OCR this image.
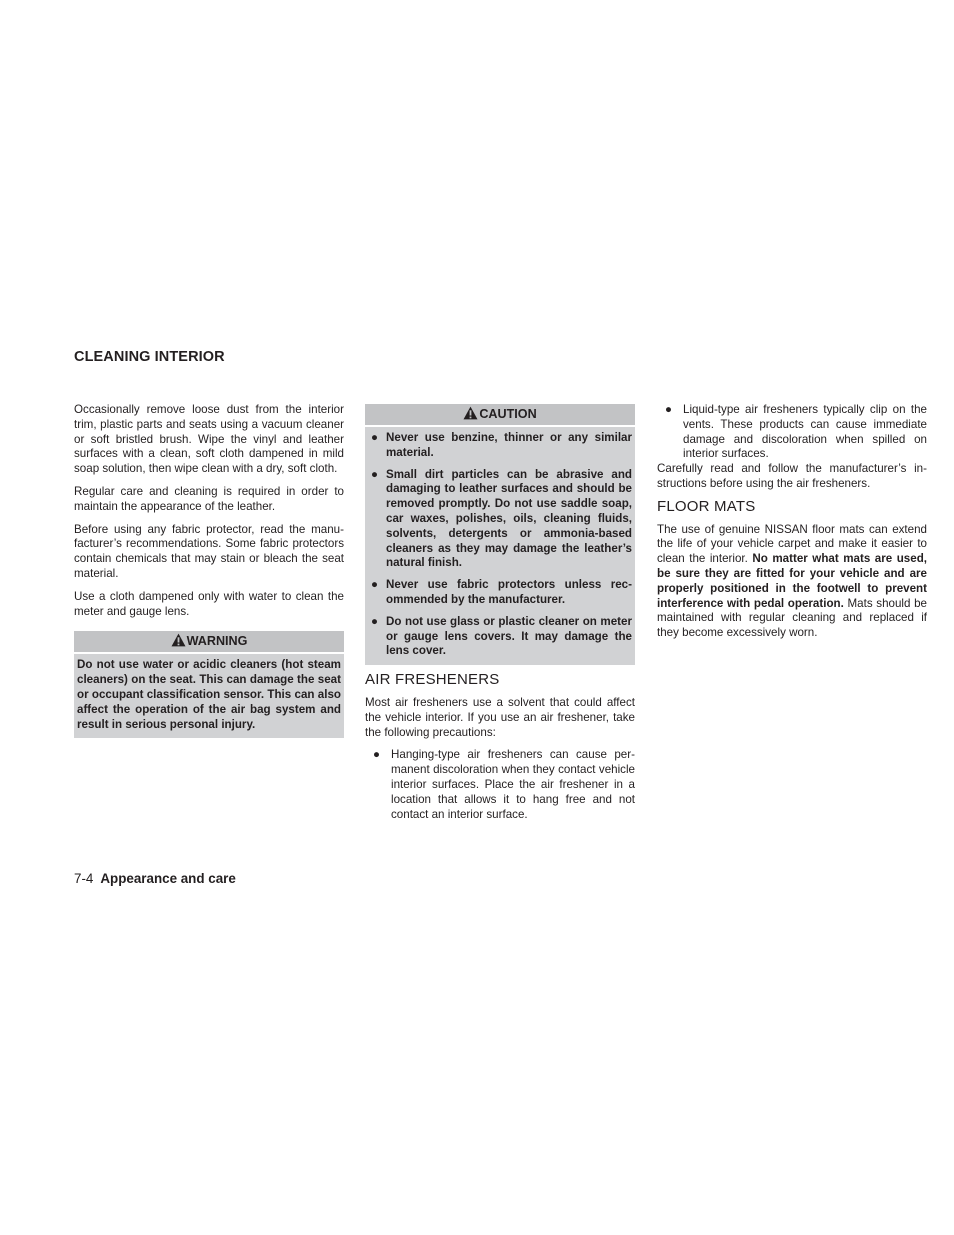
CLEANING INTERIOR

Occasionally remove loose dust from the interior trim, plastic parts and seats using a vacuum cleaner or soft bristled brush. Wipe the vinyl and leather surfaces with a clean, soft cloth dampened in mild soap solution, then wipe clean with a dry, soft cloth.

Regular care and cleaning is required in order to maintain the appearance of the leather.

Before using any fabric protector, read the manufacturer’s recommendations. Some fabric protectors contain chemicals that may stain or bleach the seat material.

Use a cloth dampened only with water to clean the meter and gauge lens.

WARNING
Do not use water or acidic cleaners (hot steam cleaners) on the seat. This can damage the seat or occupant classification sensor. This can also affect the operation of the air bag system and result in serious personal injury.
CAUTION
● Never use benzine, thinner or any similar material.
● Small dirt particles can be abrasive and damaging to leather surfaces and should be removed promptly. Do not use saddle soap, car waxes, polishes, oils, cleaning fluids, solvents, detergents or ammonia-based cleaners as they may damage the leather’s natural finish.
● Never use fabric protectors unless recommended by the manufacturer.
● Do not use glass or plastic cleaner on meter or gauge lens covers. It may damage the lens cover.
AIR FRESHENERS

Most air fresheners use a solvent that could affect the vehicle interior. If you use an air freshener, take the following precautions:

● Hanging-type air fresheners can cause permanent discoloration when they contact vehicle interior surfaces. Place the air freshener in a location that allows it to hang free and not contact an interior surface.
● Liquid-type air fresheners typically clip on the vents. These products can cause immediate damage and discoloration when spilled on interior surfaces.

Carefully read and follow the manufacturer’s instructions before using the air fresheners.

FLOOR MATS

The use of genuine NISSAN floor mats can extend the life of your vehicle carpet and make it easier to clean the interior. No matter what mats are used, be sure they are fitted for your vehicle and are properly positioned in the footwell to prevent interference with pedal operation. Mats should be maintained with regular cleaning and replaced if they become excessively worn.

7-4 Appearance and care
